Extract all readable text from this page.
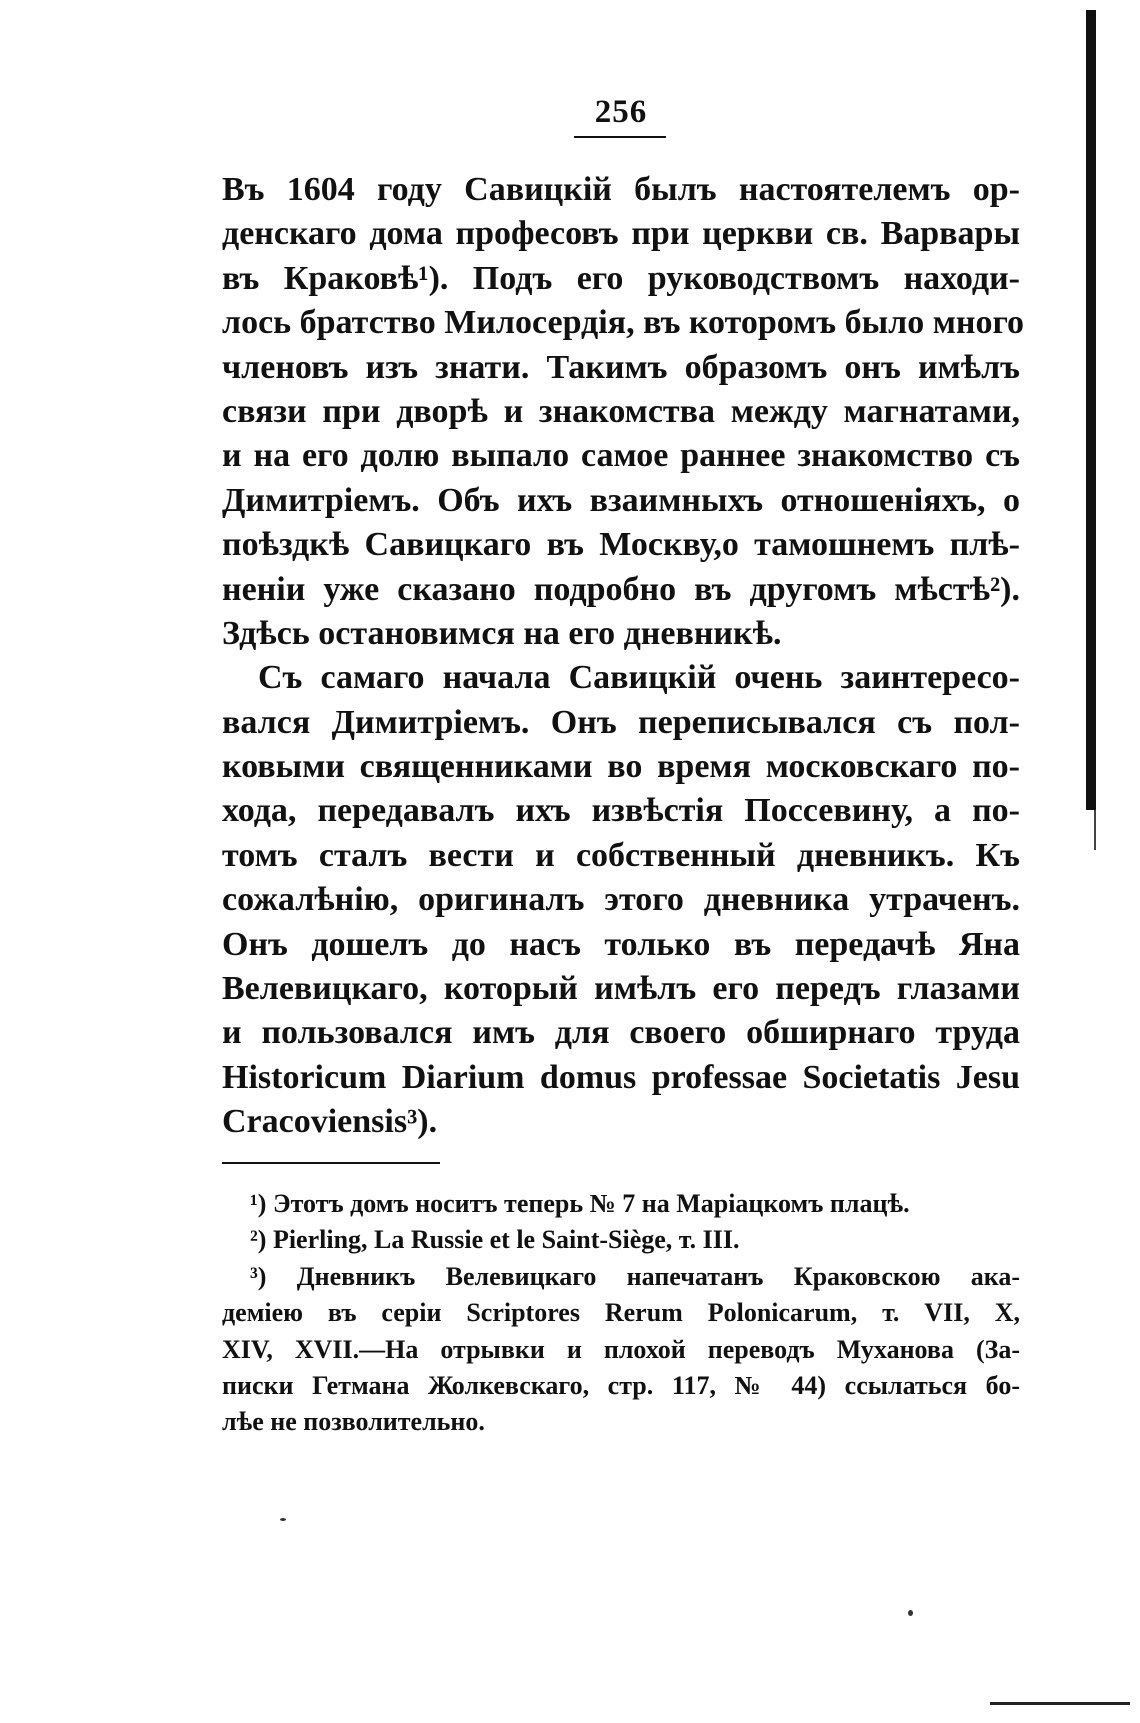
256
Въ 1604 году Савицкій былъ настоятелемъ ор-
денскаго дома професовъ при церкви св. Варвары
въ Краковѣ¹). Подъ его руководствомъ находи-
лось братство Милосердія, въ которомъ было много
членовъ изъ знати. Такимъ образомъ онъ имѣлъ
связи при дворѣ и знакомства между магнатами,
и на его долю выпало самое раннее знакомство съ
Димитріемъ. Объ ихъ взаимныхъ отношеніяхъ, о
поѣздкѣ Савицкаго въ Москву,о тамошнемъ плѣ-
неніи уже сказано подробно въ другомъ мѣстѣ²).
Здѣсь остановимся на его дневникѣ.
Съ самаго начала Савицкій очень заинтересо-
вался Димитріемъ. Онъ переписывался съ пол-
ковыми священниками во время московскаго по-
хода, передавалъ ихъ извѣстія Поссевину, а по-
томъ сталъ вести и собственный дневникъ. Къ
сожалѣнію, оригиналъ этого дневника утраченъ.
Онъ дошелъ до насъ только въ передачѣ Яна
Велевицкаго, который имѣлъ его передъ глазами
и пользовался имъ для своего обширнаго труда
Historicum Diarium domus professae Societatis Jesu
Cracoviensis³).
¹) Этотъ домъ носитъ теперь № 7 на Маріацкомъ плацѣ.
²) Pierling, La Russie et le Saint-Siège, т. III.
³) Дневникъ Велевицкаго напечатанъ Краковскою ака-
деміею въ серіи Scriptores Rerum Polonicarum, т. VII, X,
XIV, XVII.—На отрывки и плохой переводъ Муханова (За-
писки Гетмана Жолкевскаго, стр. 117, № 44) ссылаться бо-
лѣе не позволительно.
